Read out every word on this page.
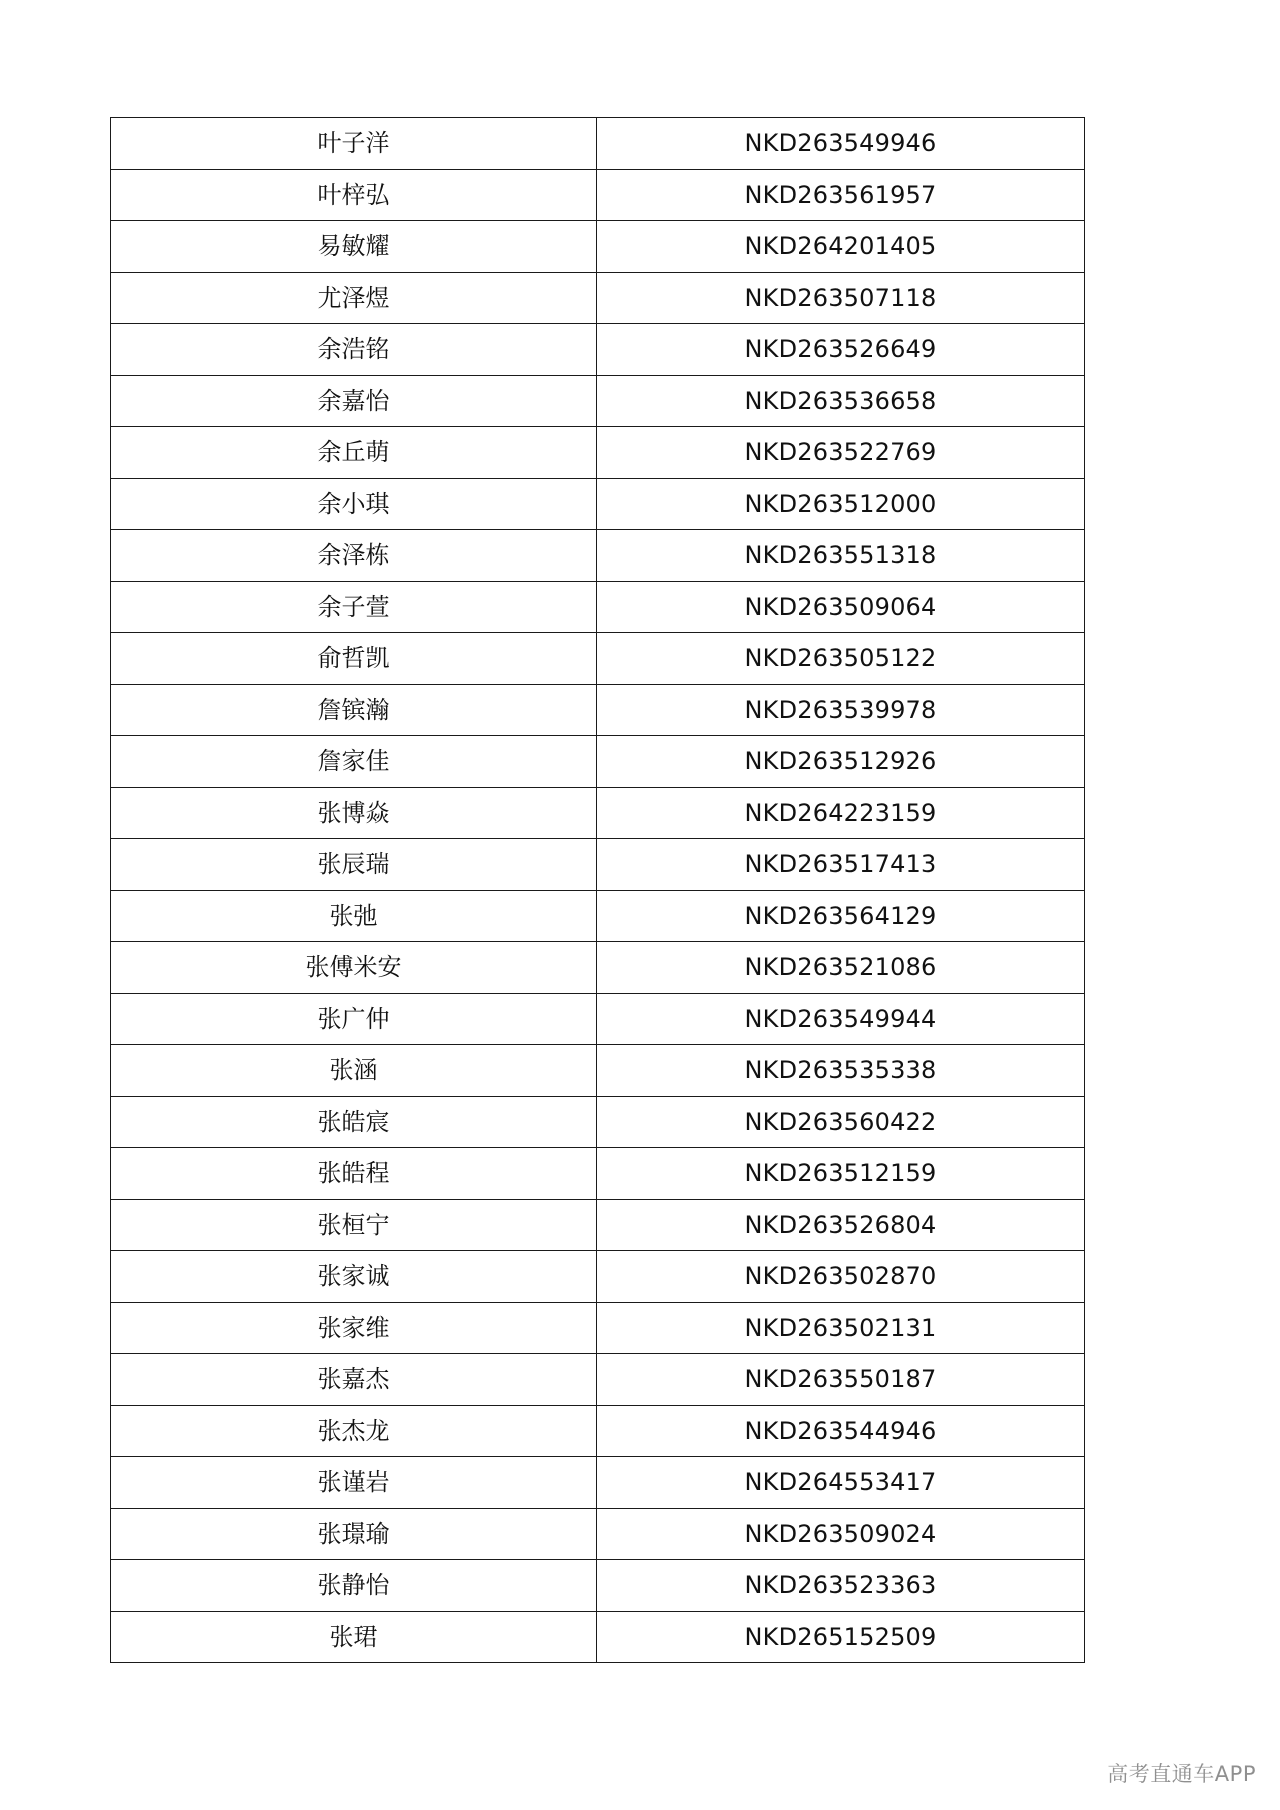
叶子洋	NKD263549946
叶梓弘	NKD263561957
易敏耀	NKD264201405
尤泽煜	NKD263507118
余浩铭	NKD263526649
余嘉怡	NKD263536658
余丘萌	NKD263522769
余小琪	NKD263512000
余泽栋	NKD263551318
余子萱	NKD263509064
俞哲凯	NKD263505122
詹镔瀚	NKD263539978
詹家佳	NKD263512926
张博焱	NKD264223159
张辰瑞	NKD263517413
张弛	NKD263564129
张傅米安	NKD263521086
张广仲	NKD263549944
张涵	NKD263535338
张皓宸	NKD263560422
张皓程	NKD263512159
张桓宁	NKD263526804
张家诚	NKD263502870
张家维	NKD263502131
张嘉杰	NKD263550187
张杰龙	NKD263544946
张谨岩	NKD264553417
张璟瑜	NKD263509024
张静怡	NKD263523363
张珺	NKD265152509
高考直通车APP
